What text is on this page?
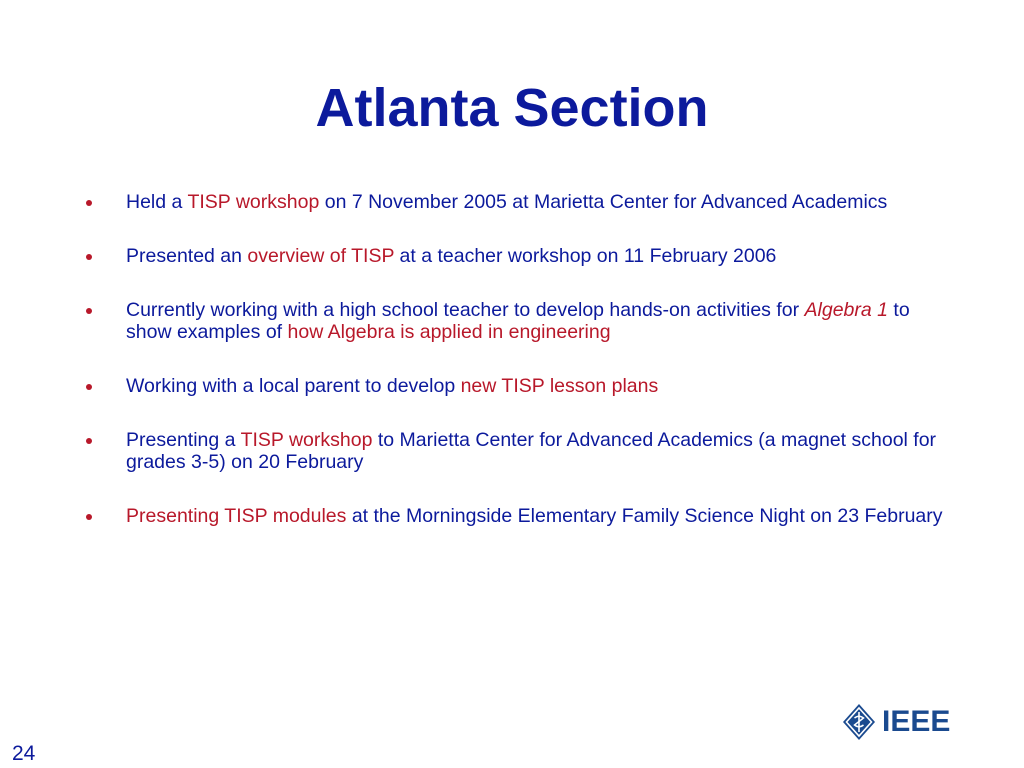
Atlanta Section
Held a TISP workshop on 7 November 2005 at Marietta Center for Advanced Academics
Presented an overview of TISP at a teacher workshop on 11 February 2006
Currently working with a high school teacher to develop hands-on activities for Algebra 1 to show examples of how Algebra is applied in engineering
Working with a local parent to develop new TISP lesson plans
Presenting a TISP workshop to Marietta Center for Advanced Academics (a magnet school for grades 3-5) on 20 February
Presenting TISP modules at the Morningside Elementary Family Science Night on 23 February
24
IEEE
